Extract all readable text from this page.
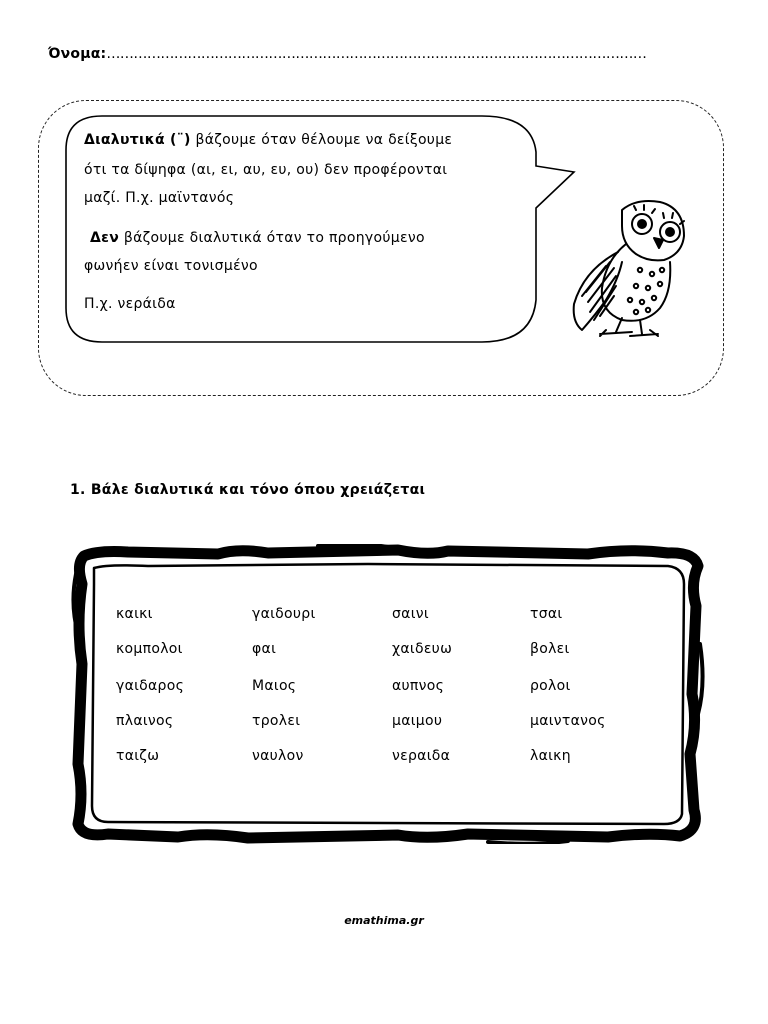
Όνομα:…………………………………………………………………………………………………………
Διαλυτικά (¨) βάζουμε όταν θέλουμε να δείξουμε
ότι τα δίψηφα (αι, ει, αυ, ευ, ου) δεν προφέρονται
μαζί. Π.χ. μαϊντανός
Δεν βάζουμε διαλυτικά όταν το προηγούμενο
φωνήεν είναι τονισμένο
Π.χ. νεράιδα
1. Βάλε διαλυτικά και τόνο όπου χρειάζεται
καικι	γαιδουρι	σαινι	τσαι
κομπολοι	φαι	χαιδευω	βολει
γαιδαρος	Μαιος	αυπνος	ρολοι
πλαινος	τρολει	μαιμου	μαιντανος
ταιζω	ναυλον	νεραιδα	λαικη
emathima.gr
